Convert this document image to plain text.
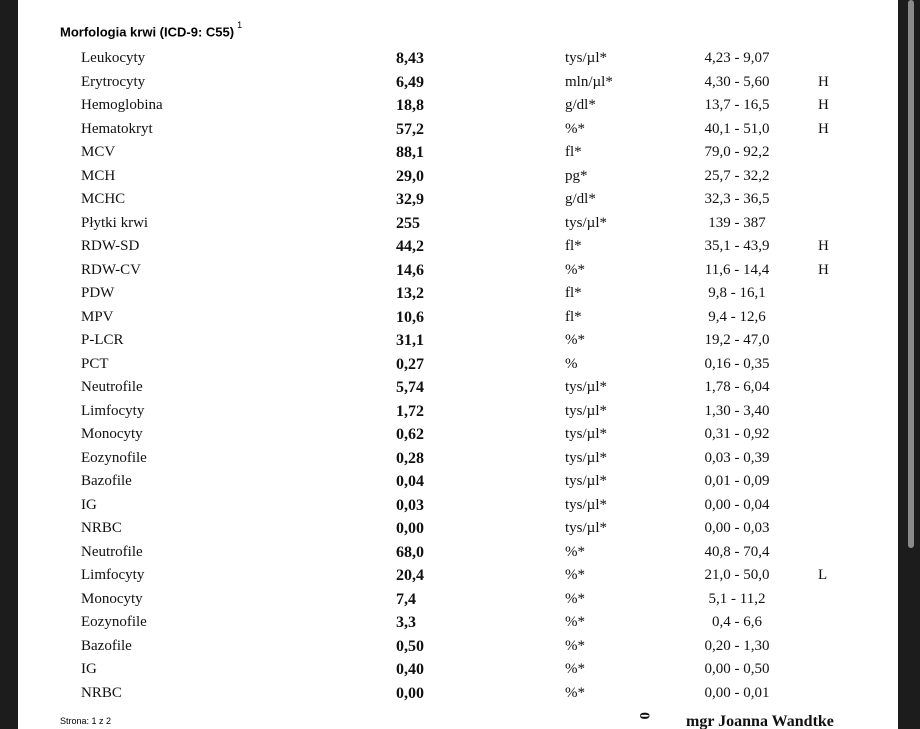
Morfologia krwi (ICD-9: C55) $^1$
Leukocyty	8,43	tys/µl*	4,23 - 9,07
Erytrocyty	6,49	mln/µl*	4,30 - 5,60	H
Hemoglobina	18,8	g/dl*	13,7 - 16,5	H
Hematokryt	57,2	%*	40,1 - 51,0	H
MCV	88,1	fl*	79,0 - 92,2
MCH	29,0	pg*	25,7 - 32,2
MCHC	32,9	g/dl*	32,3 - 36,5
Płytki krwi	255	tys/µl*	139 - 387
RDW-SD	44,2	fl*	35,1 - 43,9	H
RDW-CV	14,6	%*	11,6 - 14,4	H
PDW	13,2	fl*	9,8 - 16,1
MPV	10,6	fl*	9,4 - 12,6
P-LCR	31,1	%*	19,2 - 47,0
PCT	0,27	%	0,16 - 0,35
Neutrofile	5,74	tys/µl*	1,78 - 6,04
Limfocyty	1,72	tys/µl*	1,30 - 3,40
Monocyty	0,62	tys/µl*	0,31 - 0,92
Eozynofile	0,28	tys/µl*	0,03 - 0,39
Bazofile	0,04	tys/µl*	0,01 - 0,09
IG	0,03	tys/µl*	0,00 - 0,04
NRBC	0,00	tys/µl*	0,00 - 0,03
Neutrofile	68,0	%*	40,8 - 70,4
Limfocyty	20,4	%*	21,0 - 50,0	L
Monocyty	7,4	%*	5,1 - 11,2
Eozynofile	3,3	%*	0,4 - 6,6
Bazofile	0,50	%*	0,20 - 1,30
IG	0,40	%*	0,00 - 0,50
NRBC	0,00	%*	0,00 - 0,01
Strona: 1 z 2
0 mgr Joanna Wandtke
